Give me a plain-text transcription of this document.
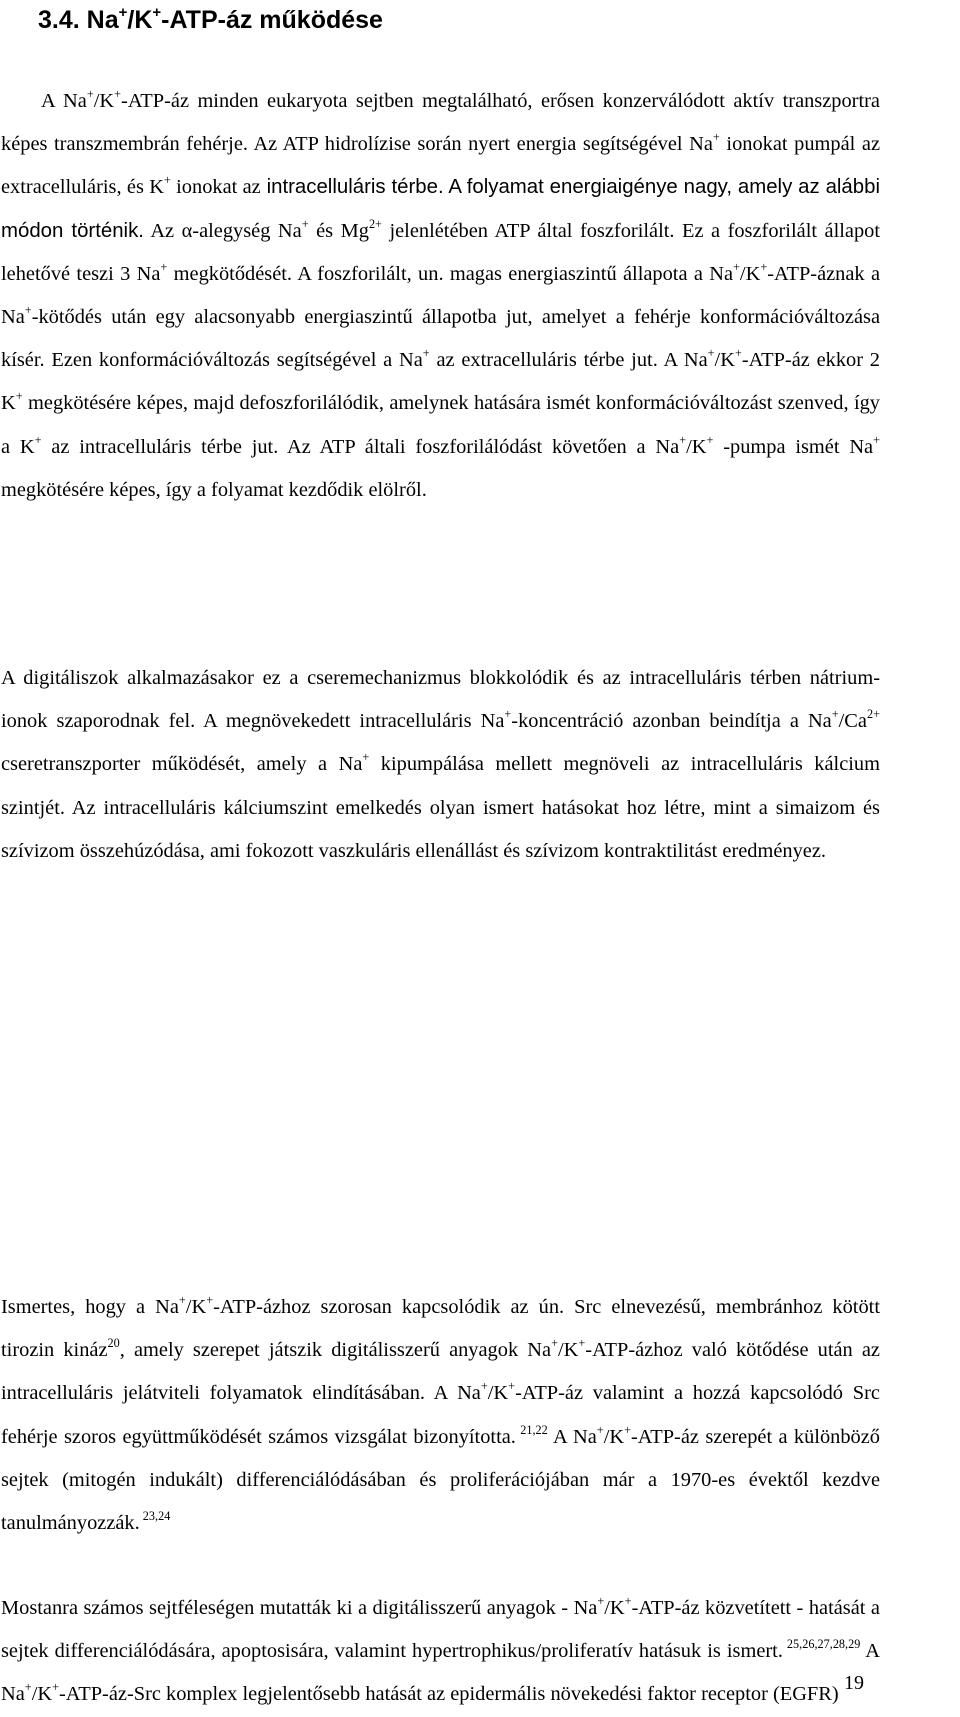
3.4. Na+/K+-ATP-áz működése

A Na+/K+-ATP-áz minden eukaryota sejtben megtalálható, erősen konzerválódott aktív transzportra képes transzmembrán fehérje. Az ATP hidrolízise során nyert energia segítségével Na+ ionokat pumpál az extracelluláris, és K+ ionokat az intracelluláris térbe. A folyamat energiaigénye nagy, amely az alábbi módon történik. Az α-alegység Na+ és $Mg^{2+}$ jelenlétében ATP által foszforilált. Ez a foszforilált állapot lehetővé teszi 3 Na+ megkötődését. A foszforilált, un. magas energiaszintű állapota a Na+/K+-ATP-áznak a Na+-kötődés után egy alacsonyabb energiaszintű állapotba jut, amelyet a fehérje konformációváltozása kísér. Ezen konformációváltozás segítségével a Na+ az extracelluláris térbe jut. A Na+/K+-ATP-áz ekkor 2 K+ megkötésére képes, majd defoszforilálódik, amelynek hatására ismét konformációváltozást szenved, így a K+ az intracelluláris térbe jut. Az ATP általi foszforilálódást követően a Na+/K+ -pumpa ismét Na+ megkötésére képes, így a folyamat kezdődik elölről.

A digitáliszok alkalmazásakor ez a cseremechanizmus blokkolódik és az intracelluláris térben nátrium-ionok szaporodnak fel. A megnövekedett intracelluláris Na+-koncentráció azonban beindítja a $Na^+/Ca^{2+}$ cseretranszporter működését, amely a Na+ kipumpálása mellett megnöveli az intracelluláris kálcium szintjét. Az intracelluláris kálciumszint emelkedés olyan ismert hatásokat hoz létre, mint a simaizom és szívizom összehúzódása, ami fokozott vaszkuláris ellenállást és szívizom kontraktilitást eredményez.

Ismertes, hogy a Na+/K+-ATP-ázhoz szorosan kapcsolódik az ún. Src elnevezésű, membránhoz kötött tirozin kináz$^{20}$, amely szerepet játszik digitálisszerű anyagok Na+/K+-ATP-ázhoz való kötődése után az intracelluláris jelátviteli folyamatok elindításában. A Na+/K+-ATP-áz valamint a hozzá kapcsolódó Src fehérje szoros együttműködését számos vizsgálat bizonyította. $^{21,22}$ A Na+/K+-ATP-áz szerepét a különböző sejtek (mitogén indukált) differenciálódásában és proliferációjában már a 1970-es évektől kezdve tanulmányozzák. $^{23,24}$

Mostanra számos sejtféleségen mutatták ki a digitálisszerű anyagok - Na+/K+-ATP-áz közvetített - hatását a sejtek differenciálódására, apoptosisára, valamint hypertrophikus/proliferatív hatásuk is ismert. $^{25,26,27,28,29}$ A Na+/K+-ATP-áz-Src komplex legjelentősebb hatását az epidermális növekedési faktor receptor (EGFR)

19
